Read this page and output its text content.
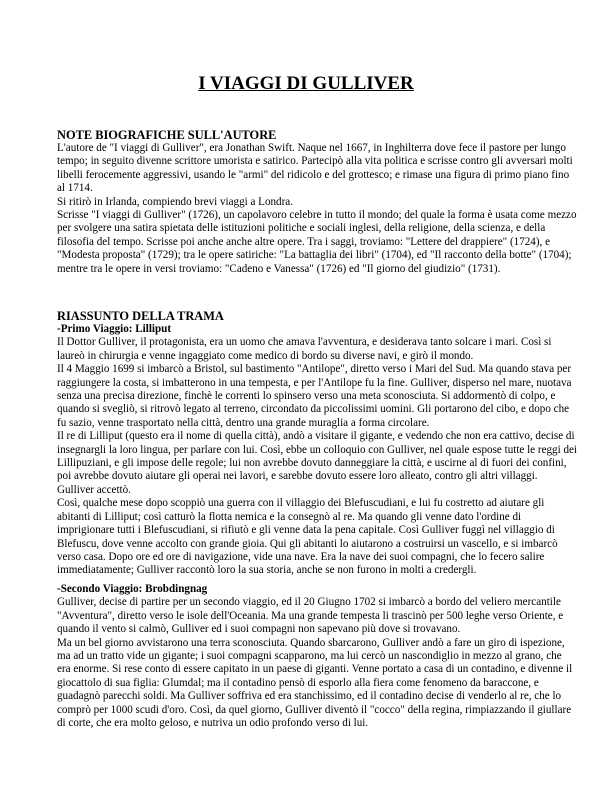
I VIAGGI DI GULLIVER
NOTE BIOGRAFICHE SULL'AUTORE

L'autore de "I viaggi di Gulliver", era Jonathan Swift. Naque nel 1667, in Inghilterra dove fece il pastore per lungo tempo; in seguito divenne scrittore umorista e satirico. Partecipò alla vita politica e scrisse contro gli avversari molti libelli ferocemente aggressivi, usando le "armi" del ridicolo e del grottesco; e rimase una figura di primo piano fino al 1714.

Si ritirò in Irlanda, compiendo brevi viaggi a Londra.

Scrisse "I viaggi di Gulliver" (1726), un capolavoro celebre in tutto il mondo; del quale la forma è usata come mezzo per svolgere una satira spietata delle istituzioni politiche e sociali inglesi, della religione, della scienza, e della filosofia del tempo. Scrisse poi anche anche altre opere. Tra i saggi, troviamo: "Lettere del drappiere" (1724), e "Modesta proposta" (1729); tra le opere satiriche: "La battaglia dei libri" (1704), ed "Il racconto della botte" (1704); mentre tra le opere in versi troviamo: "Cadeno e Vanessa" (1726) ed "Il giorno del giudizio" (1731).

RIASSUNTO DELLA TRAMA
-Primo Viaggio: Lilliput

Il Dottor Gulliver, il protagonista, era un uomo che amava l'avventura, e desiderava tanto solcare i mari. Così si laureò in chirurgia e venne ingaggiato come medico di bordo su diverse navi, e girò il mondo.

Il 4 Maggio 1699 si imbarcò a Bristol, sul bastimento "Antilope", diretto verso i Mari del Sud. Ma quando stava per raggiungere la costa, si imbatterono in una tempesta, e per l'Antilope fu la fine. Gulliver, disperso nel mare, nuotava senza una precisa direzione, finchè le correnti lo spinsero verso una meta sconosciuta. Si addormentò di colpo, e quando si svegliò, si ritrovò legato al terreno, circondato da piccolissimi uomini. Gli portarono del cibo, e dopo che fu sazio, venne trasportato nella città, dentro una grande muraglia a forma circolare.

Il re di Lilliput (questo era il nome di quella città), andò a visitare il gigante, e vedendo che non era cattivo, decise di insegnargli la loro lingua, per parlare con lui. Così, ebbe un colloquio con Gulliver, nel quale espose tutte le reggi dei Lillipuziani, e gli impose delle regole; lui non avrebbe dovuto danneggiare la città, e uscirne al di fuori dei confini, poi avrebbe dovuto aiutare gli operai nei lavori, e sarebbe dovuto essere loro alleato, contro gli altri villaggi. Gulliver accettò.

Così, qualche mese dopo scoppiò una guerra con il villaggio dei Blefuscudiani, e lui fu costretto ad aiutare gli abitanti di Lilliput; così catturò la flotta nemica e la consegnò al re. Ma quando gli venne dato l'ordine di imprigionare tutti i Blefuscudiani, si rifiutò e gli venne data la pena capitale. Così Gulliver fuggì nel villaggio di Blefuscu, dove venne accolto con grande gioia. Qui gli abitanti lo aiutarono a costruirsi un vascello, e si imbarcò verso casa. Dopo ore ed ore di navigazione, vide una nave. Era la nave dei suoi compagni, che lo fecero salire immediatamente; Gulliver raccontò loro la sua storia, anche se non furono in molti a credergli.

-Secondo Viaggio: Brobdingnag

Gulliver, decise di partire per un secondo viaggio, ed il 20 Giugno 1702 si imbarcò a bordo del veliero mercantile "Avventura", diretto verso le isole dell'Oceania. Ma una grande tempesta li trascinò per 500 leghe verso Oriente, e quando il vento si calmò, Gulliver ed i suoi compagni non sapevano più dove si trovavano.

Ma un bel giorno avvistarono una terra sconosciuta. Quando sbarcarono, Gulliver andò a fare un giro di ispezione, ma ad un tratto vide un gigante; i suoi compagni scapparono, ma lui cercò un nascondiglio in mezzo al grano, che era enorme. Si rese conto di essere capitato in un paese di giganti. Venne portato a casa di un contadino, e divenne il giocattolo di sua figlia: Glumdal; ma il contadino pensò di esporlo alla fiera come fenomeno da baraccone, e guadagnò parecchi soldi. Ma Gulliver soffriva ed era stanchissimo, ed il contadino decise di venderlo al re, che lo comprò per 1000 scudi d'oro. Così, da quel giorno, Gulliver diventò il "cocco" della regina, rimpiazzando il giullare di corte, che era molto geloso, e nutriva un odio profondo verso di lui.
